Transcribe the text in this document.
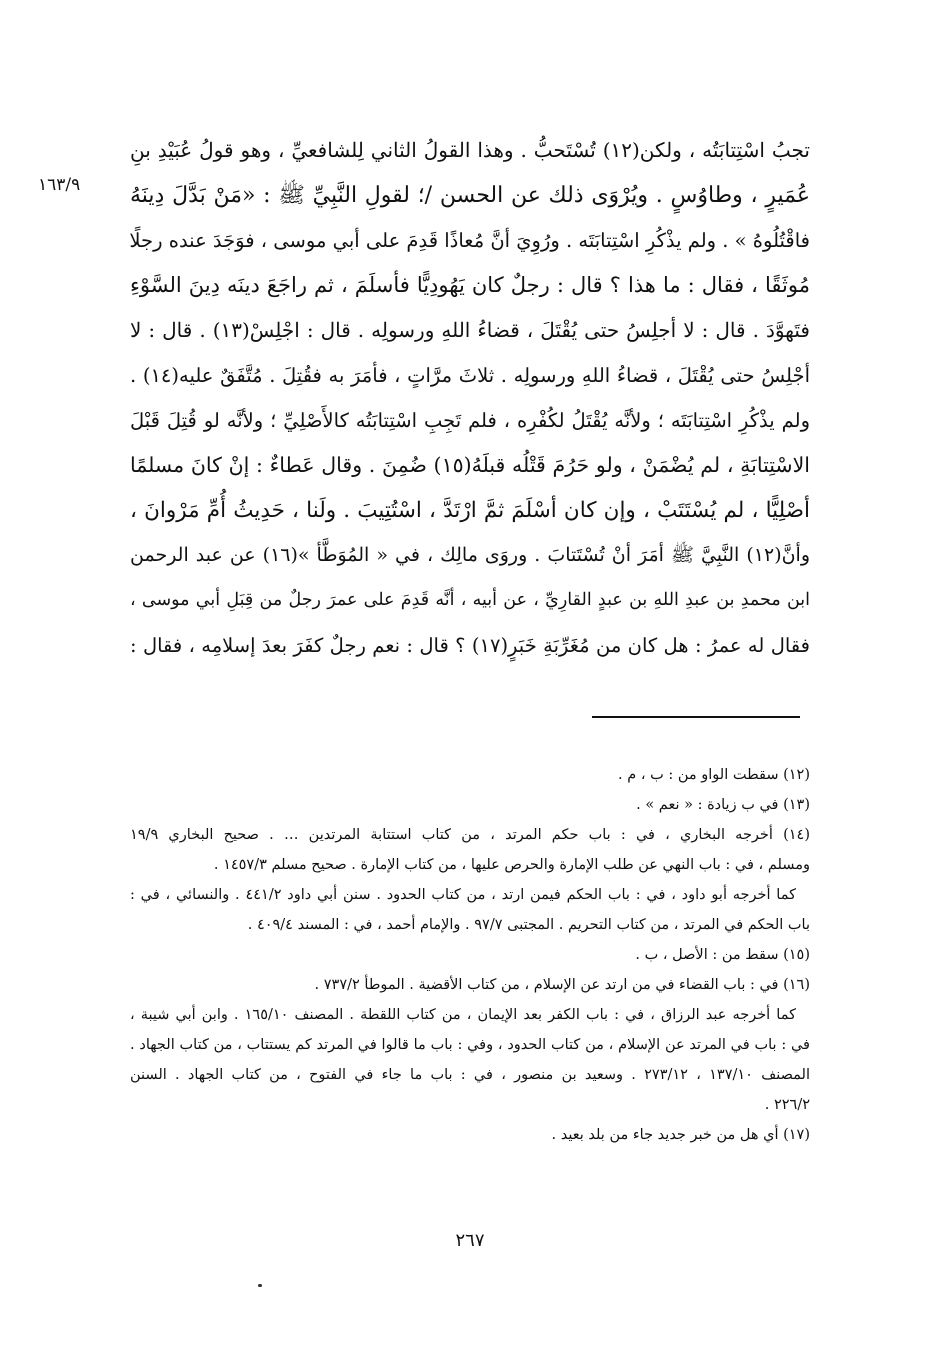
١٦٣/٩
تجبُ اسْتِتابَتُه ، ولكن(١٢) تُسْتَحبُّ . وهذا القولُ الثاني لِلشافعيِّ ، وهو قولُ عُبَيْدِ بنِ
عُمَيرٍ ، وطاوُسٍ . ويُرْوَى ذلك عن الحسن /؛ لقولِ النَّبِيِّ ﷺ : «مَنْ بَدَّلَ دِينَهُ
فاقْتُلُوهُ » . ولم يذْكُرِ اسْتِتابَتَه . ورُوِيَ أنَّ مُعاذًا قَدِمَ على أبي موسى ، فوَجَدَ عنده رجلًا
مُوثَقًا ، فقال : ما هذا ؟ قال : رجلٌ كان يَهُودِيًّا فأسلَمَ ، ثم راجَعَ دينَه دِينَ السَّوْءِ
فتَهوَّدَ . قال : لا أجلِسُ حتى يُقْتَلَ ، قضاءُ اللهِ ورسولِه . قال : اجْلِسْ(١٣) . قال : لا
أجْلِسُ حتى يُقْتَلَ ، قضاءُ اللهِ ورسولِه . ثلاثَ مرَّاتٍ ، فأمَرَ به فقُتِلَ . مُتَّفَقٌ عليه(١٤) .
ولم يذْكُرِ اسْتِتابَتَه ؛ ولأنَّه يُقْتَلُ لكُفْرِه ، فلم تَجِبِ اسْتِتابَتُه كالأَصْلِيِّ ؛ ولأنَّه لو قُتِلَ قَبْلَ
الاسْتِتابَةِ ، لم يُضْمَنْ ، ولو حَرُمَ قَتْلُه قبلَهُ(١٥) ضُمِنَ . وقال عَطاءٌ : إنْ كانَ مسلمًا
أصْلِيًّا ، لم يُسْتَتَبْ ، وإن كان أسْلَمَ ثمَّ ارْتَدَّ ، اسْتُتِيبَ . ولَنا ، حَدِيثُ أُمِّ مَرْوانَ ،
وأنَّ(١٢) النَّبِيَّ ﷺ أمَرَ أنْ تُسْتَتابَ . وروَى مالِك ، في « المُوَطَّأ »(١٦) عن عبد الرحمن
ابن محمدِ بن عبدِ اللهِ بن عبدٍ القارِيِّ ، عن أبيه ، أنَّه قَدِمَ على عمرَ رجلٌ من قِبَلِ أبي موسى ،
فقال له عمرُ : هل كان من مُغَرِّبَةِ خَبَرٍ(١٧) ؟ قال : نعم رجلٌ كفَرَ بعدَ إسلامِه ، فقال :
(١٢) سقطت الواو من : ب ، م .
(١٣) في ب زيادة : « نعم » .
(١٤) أخرجه البخاري ، في : باب حكم المرتد ، من كتاب استتابة المرتدين … . صحيح البخاري ١٩/٩
ومسلم ، في : باب النهي عن طلب الإمارة والحرص عليها ، من كتاب الإمارة . صحيح مسلم ١٤٥٧/٣ .
كما أخرجه أبو داود ، في : باب الحكم فيمن ارتد ، من كتاب الحدود . سنن أبي داود ٤٤١/٢ . والنسائي ، في :
باب الحكم في المرتد ، من كتاب التحريم . المجتبى ٩٧/٧ . والإمام أحمد ، في : المسند ٤٠٩/٤ .
(١٥) سقط من : الأصل ، ب .
(١٦) في : باب القضاء في من ارتد عن الإسلام ، من كتاب الأقضية . الموطأ ٧٣٧/٢ .
كما أخرجه عبد الرزاق ، في : باب الكفر بعد الإيمان ، من كتاب اللقطة . المصنف ١٦٥/١٠ . وابن أبي شيبة ،
في : باب في المرتد عن الإسلام ، من كتاب الحدود ، وفي : باب ما قالوا في المرتد كم يستتاب ، من كتاب الجهاد .
المصنف ١٣٧/١٠ ، ٢٧٣/١٢ . وسعيد بن منصور ، في : باب ما جاء في الفتوح ، من كتاب الجهاد . السنن
٢٢٦/٢ .
(١٧) أي هل من خبر جديد جاء من بلد بعيد .
٢٦٧
